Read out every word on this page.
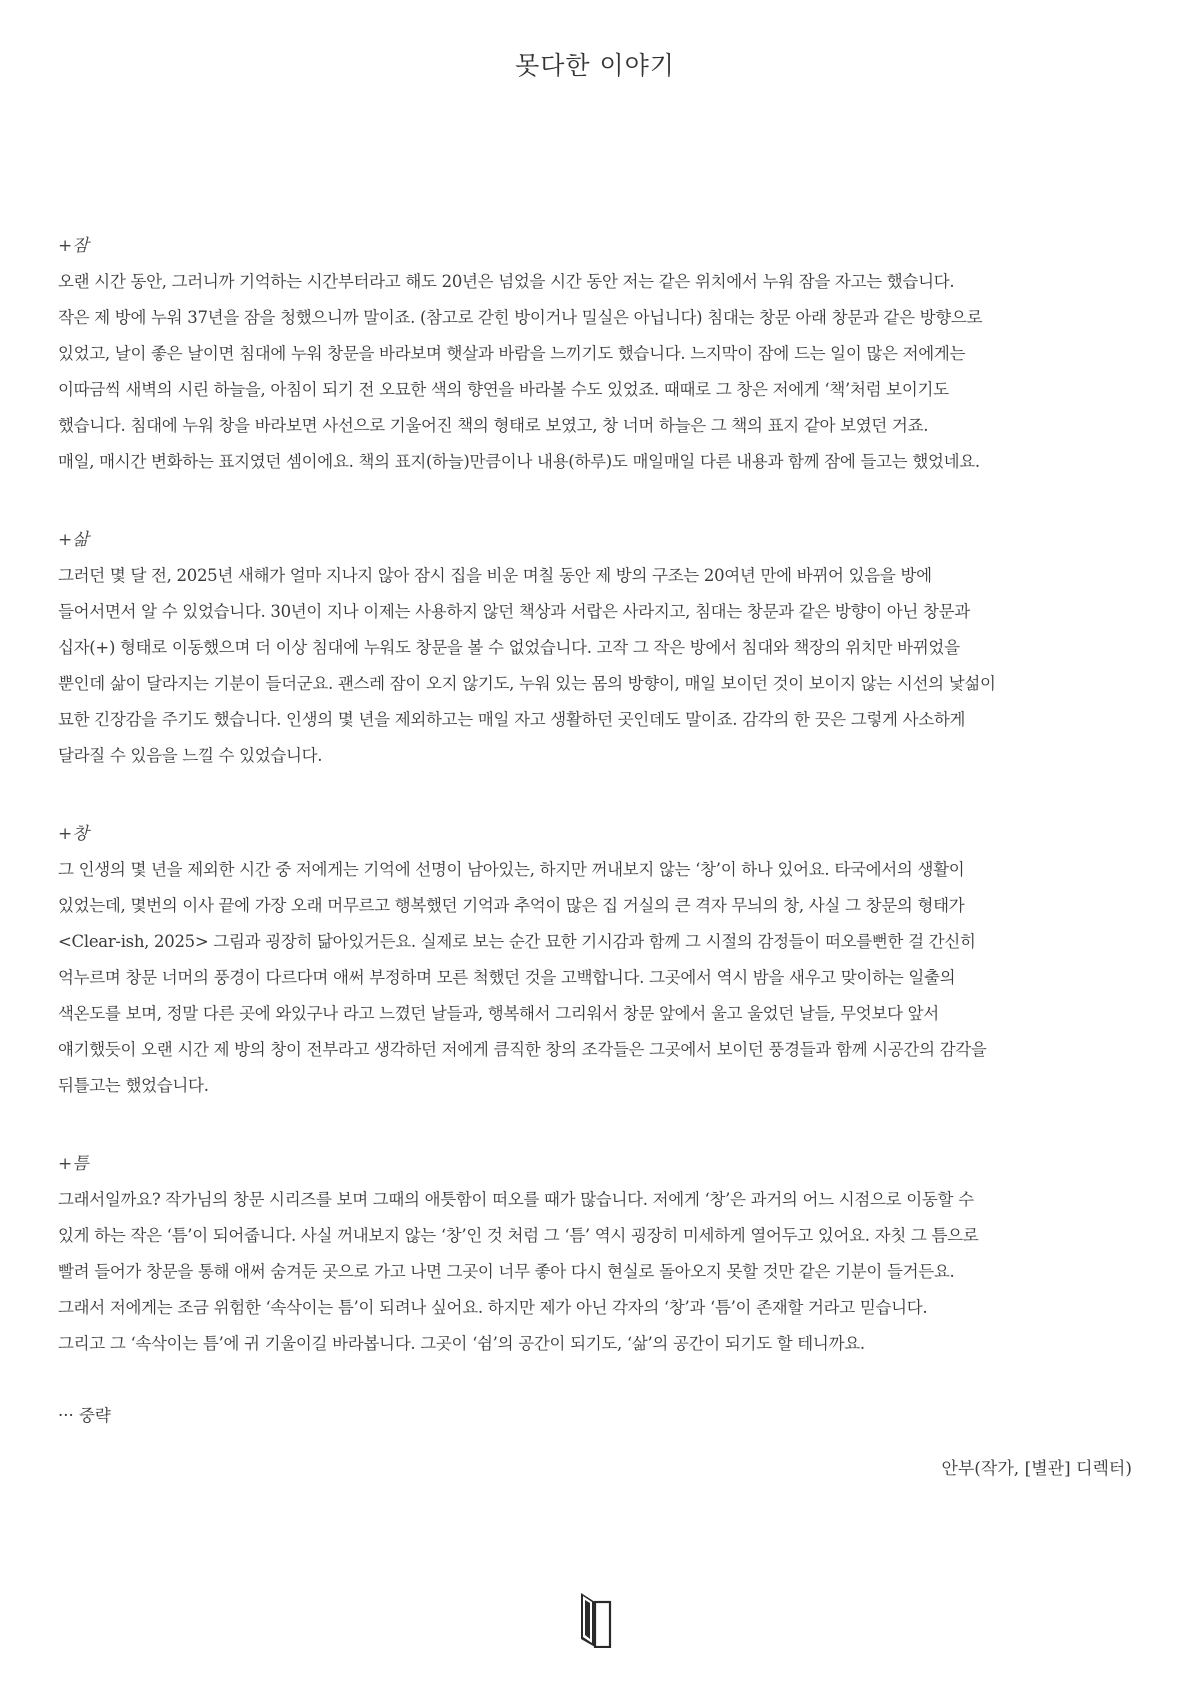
못다한 이야기
+잠
오랜 시간 동안, 그러니까 기억하는 시간부터라고 해도 20년은 넘었을 시간 동안 저는 같은 위치에서 누워 잠을 자고는 했습니다.
작은 제 방에 누워 37년을 잠을 청했으니까 말이죠. (참고로 갇힌 방이거나 밀실은 아닙니다) 침대는 창문 아래 창문과 같은 방향으로
있었고, 날이 좋은 날이면 침대에 누워 창문을 바라보며 햇살과 바람을 느끼기도 했습니다. 느지막이 잠에 드는 일이 많은 저에게는
이따금씩 새벽의 시린 하늘을, 아침이 되기 전 오묘한 색의 향연을 바라볼 수도 있었죠. 때때로 그 창은 저에게 ‘책’처럼 보이기도
했습니다. 침대에 누워 창을 바라보면 사선으로 기울어진 책의 형태로 보였고, 창 너머 하늘은 그 책의 표지 같아 보였던 거죠.
매일, 매시간 변화하는 표지였던 셈이에요. 책의 표지(하늘)만큼이나 내용(하루)도 매일매일 다른 내용과 함께 잠에 들고는 했었네요.
+삶
그러던 몇 달 전, 2025년 새해가 얼마 지나지 않아 잠시 집을 비운 며칠 동안 제 방의 구조는 20여년 만에 바뀌어 있음을 방에
들어서면서 알 수 있었습니다. 30년이 지나 이제는 사용하지 않던 책상과 서랍은 사라지고, 침대는 창문과 같은 방향이 아닌 창문과
십자(+) 형태로 이동했으며 더 이상 침대에 누워도 창문을 볼 수 없었습니다. 고작 그 작은 방에서 침대와 책장의 위치만 바뀌었을
뿐인데 삶이 달라지는 기분이 들더군요. 괜스레 잠이 오지 않기도, 누워 있는 몸의 방향이, 매일 보이던 것이 보이지 않는 시선의 낯섦이
묘한 긴장감을 주기도 했습니다. 인생의 몇 년을 제외하고는 매일 자고 생활하던 곳인데도 말이죠. 감각의 한 끗은 그렇게 사소하게
달라질 수 있음을 느낄 수 있었습니다.
+창
그 인생의 몇 년을 제외한 시간 중 저에게는 기억에 선명이 남아있는, 하지만 꺼내보지 않는 ‘창’이 하나 있어요. 타국에서의 생활이
있었는데, 몇번의 이사 끝에 가장 오래 머무르고 행복했던 기억과 추억이 많은 집 거실의 큰 격자 무늬의 창, 사실 그 창문의 형태가
<Clear-ish, 2025> 그림과 굉장히 닮아있거든요. 실제로 보는 순간 묘한 기시감과 함께 그 시절의 감정들이 떠오를뻔한 걸 간신히
억누르며 창문 너머의 풍경이 다르다며 애써 부정하며 모른 척했던 것을 고백합니다. 그곳에서 역시 밤을 새우고 맞이하는 일출의
색온도를 보며, 정말 다른 곳에 와있구나 라고 느꼈던 날들과, 행복해서 그리워서 창문 앞에서 울고 울었던 날들, 무엇보다 앞서
얘기했듯이 오랜 시간 제 방의 창이 전부라고 생각하던 저에게 큼직한 창의 조각들은 그곳에서 보이던 풍경들과 함께 시공간의 감각을
뒤틀고는 했었습니다.
+틈
그래서일까요? 작가님의 창문 시리즈를 보며 그때의 애틋함이 떠오를 때가 많습니다. 저에게 ‘창’은 과거의 어느 시점으로 이동할 수
있게 하는 작은 ‘틈’이 되어줍니다. 사실 꺼내보지 않는 ‘창’인 것 처럼 그 ‘틈’ 역시 굉장히 미세하게 열어두고 있어요. 자칫 그 틈으로
빨려 들어가 창문을 통해 애써 숨겨둔 곳으로 가고 나면 그곳이 너무 좋아 다시 현실로 돌아오지 못할 것만 같은 기분이 들거든요.
그래서 저에게는 조금 위험한 ‘속삭이는 틈’이 되려나 싶어요. 하지만 제가 아닌 각자의 ‘창’과 ‘틈’이 존재할 거라고 믿습니다.
그리고 그 ‘속삭이는 틈’에 귀 기울이길 바라봅니다. 그곳이 ‘쉼’의 공간이 되기도, ‘삶’의 공간이 되기도 할 테니까요.
··· 중략
안부(작가, [별관] 디렉터)
